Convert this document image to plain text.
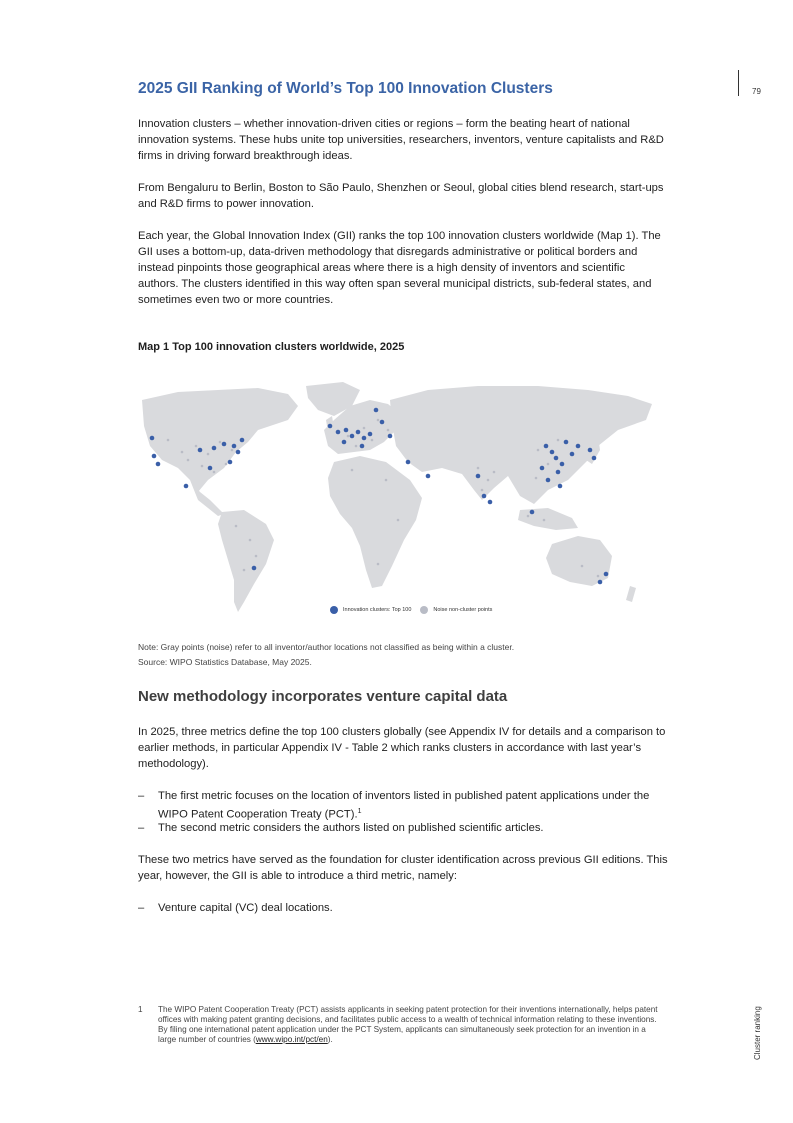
79
2025 GII Ranking of World’s Top 100 Innovation Clusters
Innovation clusters – whether innovation-driven cities or regions – form the beating heart of national innovation systems. These hubs unite top universities, researchers, inventors, venture capitalists and R&D firms in driving forward breakthrough ideas.
From Bengaluru to Berlin, Boston to São Paulo, Shenzhen or Seoul, global cities blend research, start-ups and R&D firms to power innovation.
Each year, the Global Innovation Index (GII) ranks the top 100 innovation clusters worldwide (Map 1). The GII uses a bottom-up, data-driven methodology that disregards administrative or political borders and instead pinpoints those geographical areas where there is a high density of inventors and scientific authors. The clusters identified in this way often span several municipal districts, sub-federal states, and sometimes even two or more countries.
Map 1 Top 100 innovation clusters worldwide, 2025
Innovation clusters: Top 100	Noise non-cluster points
Note: Gray points (noise) refer to all inventor/author locations not classified as being within a cluster.
Source: WIPO Statistics Database, May 2025.
New methodology incorporates venture capital data
In 2025, three metrics define the top 100 clusters globally (see Appendix IV for details and a comparison to earlier methods, in particular Appendix IV - Table 2 which ranks clusters in accordance with last year’s methodology).
–	The first metric focuses on the location of inventors listed in published patent applications under the WIPO Patent Cooperation Treaty (PCT).$^1$
–	The second metric considers the authors listed on published scientific articles.
These two metrics have served as the foundation for cluster identification across previous GII editions. This year, however, the GII is able to introduce a third metric, namely:
–	Venture capital (VC) deal locations.
1	The WIPO Patent Cooperation Treaty (PCT) assists applicants in seeking patent protection for their inventions internationally, helps patent offices with making patent granting decisions, and facilitates public access to a wealth of technical information relating to these inventions. By filing one international patent application under the PCT System, applicants can simultaneously seek protection for an invention in a large number of countries (www.wipo.int/pct/en).	Cluster ranking
